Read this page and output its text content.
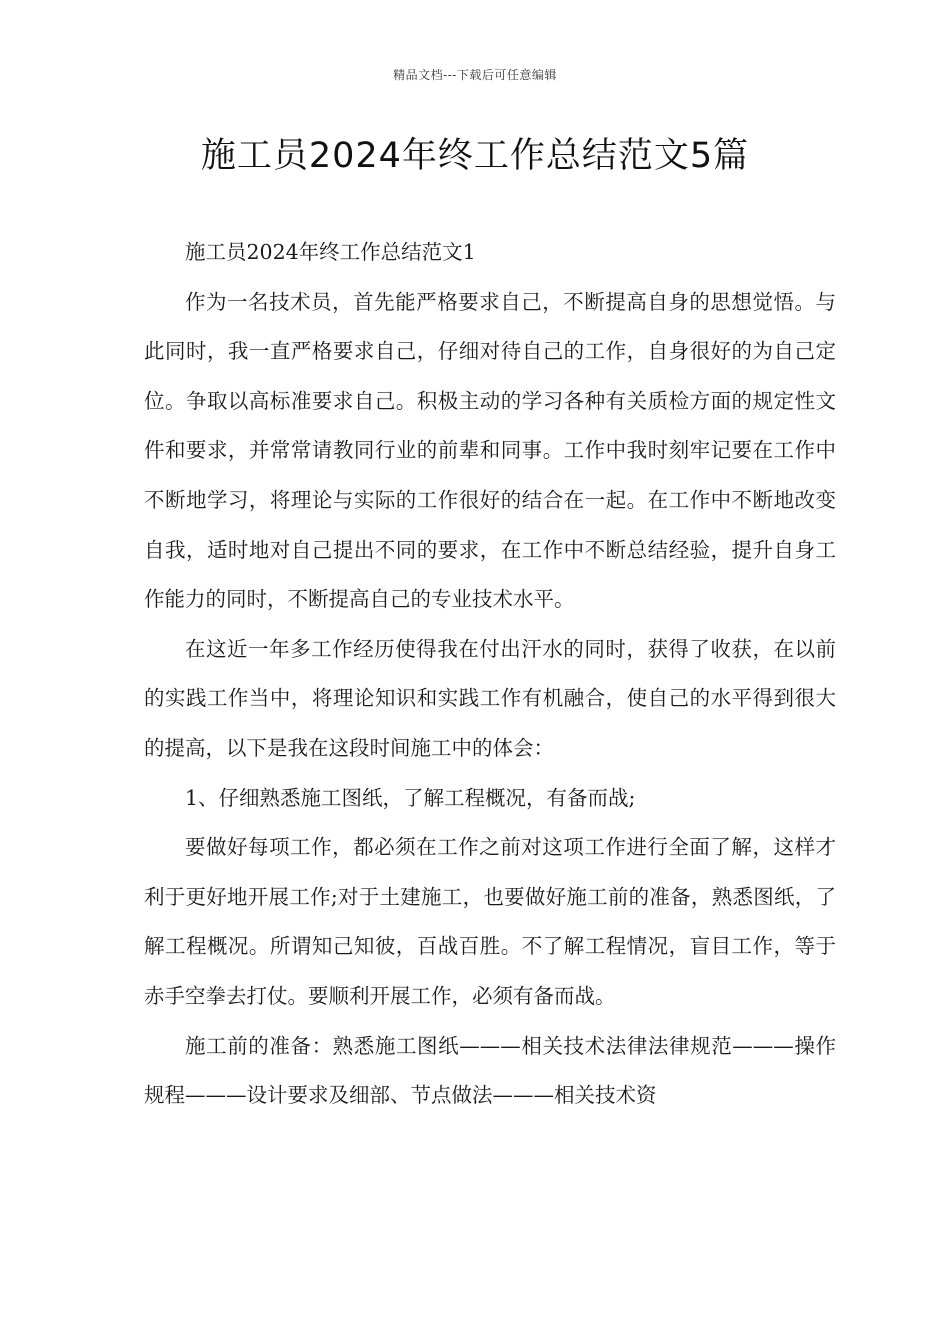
精品文档---下载后可任意编辑
施工员2024年终工作总结范文5篇

施工员2024年终工作总结范文1

作为一名技术员，首先能严格要求自己，不断提高自身的思想觉悟。与此同时，我一直严格要求自己，仔细对待自己的工作，自身很好的为自己定位。争取以高标准要求自己。积极主动的学习各种有关质检方面的规定性文件和要求，并常常请教同行业的前辈和同事。工作中我时刻牢记要在工作中不断地学习，将理论与实际的工作很好的结合在一起。在工作中不断地改变自我，适时地对自己提出不同的要求，在工作中不断总结经验，提升自身工作能力的同时，不断提高自己的专业技术水平。

在这近一年多工作经历使得我在付出汗水的同时，获得了收获，在以前的实践工作当中，将理论知识和实践工作有机融合，使自己的水平得到很大的提高，以下是我在这段时间施工中的体会：

1、仔细熟悉施工图纸，了解工程概况，有备而战;

要做好每项工作，都必须在工作之前对这项工作进行全面了解，这样才利于更好地开展工作;对于土建施工，也要做好施工前的准备，熟悉图纸，了解工程概况。所谓知己知彼，百战百胜。不了解工程情况，盲目工作，等于赤手空拳去打仗。要顺利开展工作，必须有备而战。

施工前的准备：熟悉施工图纸———相关技术法律法律规范———操作规程———设计要求及细部、节点做法———相关技术资
